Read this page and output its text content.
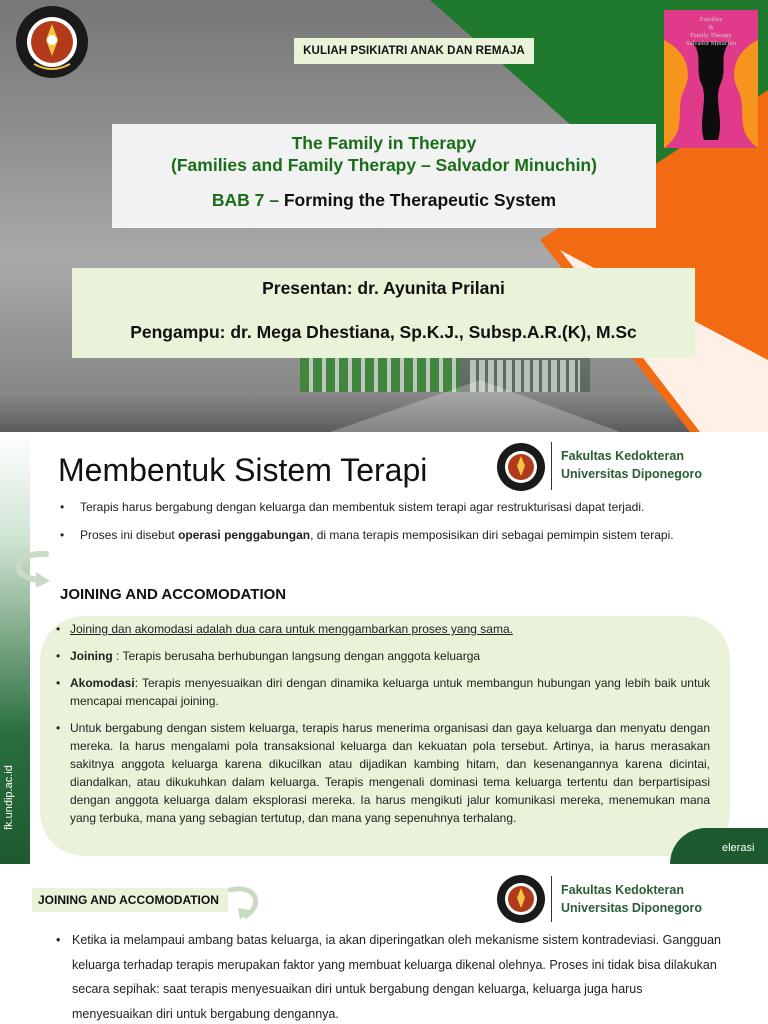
KULIAH PSIKIATRI ANAK DAN REMAJA
Families
&
Family Therapy
Salvador Minuchin
The Family in Therapy
(Families and Family Therapy – Salvador Minuchin)
BAB 7 – Forming the Therapeutic System
Presentan: dr. Ayunita Prilani
Pengampu: dr. Mega Dhestiana, Sp.K.J., Subsp.A.R.(K), M.Sc
fk.undip.ac.id
Membentuk Sistem Terapi	Fakultas Kedokteran
Universitas Diponegoro
• Terapis harus bergabung dengan keluarga dan membentuk sistem terapi agar restrukturisasi dapat terjadi.
• Proses ini disebut operasi penggabungan, di mana terapis memposisikan diri sebagai pemimpin sistem terapi.
JOINING AND ACCOMODATION
• Joining dan akomodasi adalah dua cara untuk menggambarkan proses yang sama.
• Joining : Terapis berusaha berhubungan langsung dengan anggota keluarga
• Akomodasi: Terapis menyesuaikan diri dengan dinamika keluarga untuk membangun hubungan yang lebih baik untuk mencapai mencapai joining.
• Untuk bergabung dengan sistem keluarga, terapis harus menerima organisasi dan gaya keluarga dan menyatu dengan mereka. Ia harus mengalami pola transaksional keluarga dan kekuatan pola tersebut. Artinya, ia harus merasakan sakitnya anggota keluarga karena dikucilkan atau dijadikan kambing hitam, dan kesenangannya karena dicintai, diandalkan, atau dikukuhkan dalam keluarga. Terapis mengenali dominasi tema keluarga tertentu dan berpartisipasi dengan anggota keluarga dalam eksplorasi mereka. Ia harus mengikuti jalur komunikasi mereka, menemukan mana yang terbuka, mana yang sebagian tertutup, dan mana yang sepenuhnya terhalang.
elerasi
JOINING AND ACCOMODATION
Fakultas Kedokteran
Universitas Diponegoro
• Ketika ia melampaui ambang batas keluarga, ia akan diperingatkan oleh mekanisme sistem kontradeviasi. Gangguan keluarga terhadap terapis merupakan faktor yang membuat keluarga dikenal olehnya. Proses ini tidak bisa dilakukan secara sepihak: saat terapis menyesuaikan diri untuk bergabung dengan keluarga, keluarga juga harus menyesuaikan diri untuk bergabung dengannya.
